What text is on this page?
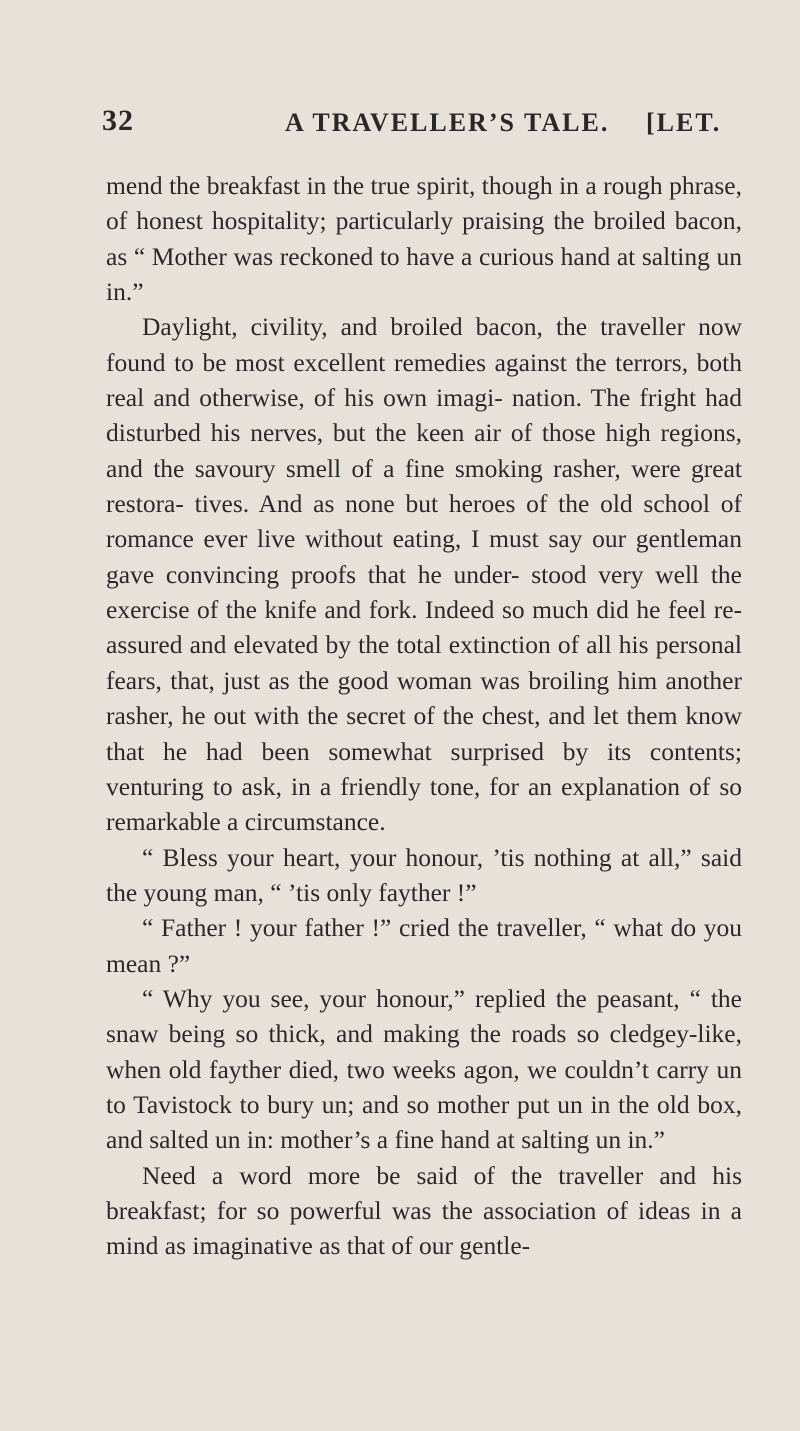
32	A TRAVELLER’S TALE. [LET.

mend the breakfast in the true spirit, though in a rough phrase, of honest hospitality; particularly praising the broiled bacon, as “ Mother was reckoned to have a curious hand at salting un in.”

Daylight, civility, and broiled bacon, the traveller now found to be most excellent remedies against the terrors, both real and otherwise, of his own imagi- nation. The fright had disturbed his nerves, but the keen air of those high regions, and the savoury smell of a fine smoking rasher, were great restora- tives. And as none but heroes of the old school of romance ever live without eating, I must say our gentleman gave convincing proofs that he under- stood very well the exercise of the knife and fork. Indeed so much did he feel re-assured and elevated by the total extinction of all his personal fears, that, just as the good woman was broiling him another rasher, he out with the secret of the chest, and let them know that he had been somewhat surprised by its contents; venturing to ask, in a friendly tone, for an explanation of so remarkable a circumstance.

“ Bless your heart, your honour, ’tis nothing at all,” said the young man, “ ’tis only fayther !”

“ Father ! your father !” cried the traveller, “ what do you mean ?”

“ Why you see, your honour,” replied the peasant, “ the snaw being so thick, and making the roads so cledgey-like, when old fayther died, two weeks agon, we couldn’t carry un to Tavistock to bury un; and so mother put un in the old box, and salted un in: mother’s a fine hand at salting un in.”

Need a word more be said of the traveller and his breakfast; for so powerful was the association of ideas in a mind as imaginative as that of our gentle-
